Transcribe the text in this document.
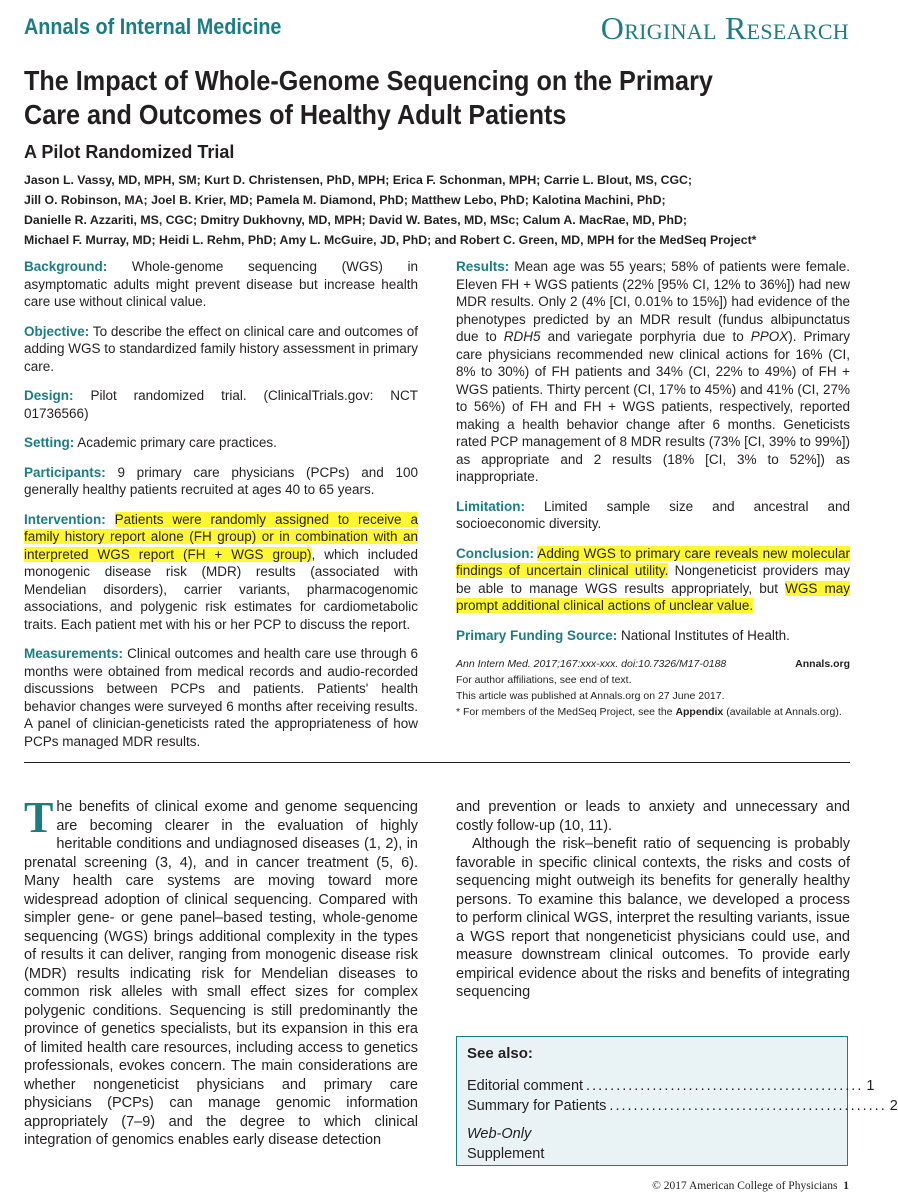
Annals of Internal Medicine	Original Research
The Impact of Whole-Genome Sequencing on the Primary Care and Outcomes of Healthy Adult Patients
A Pilot Randomized Trial
Jason L. Vassy, MD, MPH, SM; Kurt D. Christensen, PhD, MPH; Erica F. Schonman, MPH; Carrie L. Blout, MS, CGC;
Jill O. Robinson, MA; Joel B. Krier, MD; Pamela M. Diamond, PhD; Matthew Lebo, PhD; Kalotina Machini, PhD;
Danielle R. Azzariti, MS, CGC; Dmitry Dukhovny, MD, MPH; David W. Bates, MD, MSc; Calum A. MacRae, MD, PhD;
Michael F. Murray, MD; Heidi L. Rehm, PhD; Amy L. McGuire, JD, PhD; and Robert C. Green, MD, MPH for the MedSeq Project*

Background: Whole-genome sequencing (WGS) in asymptomatic adults might prevent disease but increase health care use without clinical value.

Objective: To describe the effect on clinical care and outcomes of adding WGS to standardized family history assessment in primary care.

Design: Pilot randomized trial. (ClinicalTrials.gov: NCT 01736566)

Setting: Academic primary care practices.

Participants: 9 primary care physicians (PCPs) and 100 generally healthy patients recruited at ages 40 to 65 years.

Intervention: Patients were randomly assigned to receive a family history report alone (FH group) or in combination with an interpreted WGS report (FH + WGS group), which included monogenic disease risk (MDR) results (associated with Mendelian disorders), carrier variants, pharmacogenomic associations, and polygenic risk estimates for cardiometabolic traits. Each patient met with his or her PCP to discuss the report.

Measurements: Clinical outcomes and health care use through 6 months were obtained from medical records and audio-recorded discussions between PCPs and patients. Patients' health behavior changes were surveyed 6 months after receiving results. A panel of clinician-geneticists rated the appropriateness of how PCPs managed MDR results.

Results: Mean age was 55 years; 58% of patients were female. Eleven FH + WGS patients (22% [95% CI, 12% to 36%]) had new MDR results. Only 2 (4% [CI, 0.01% to 15%]) had evidence of the phenotypes predicted by an MDR result (fundus albipunctatus due to RDH5 and variegate porphyria due to PPOX). Primary care physicians recommended new clinical actions for 16% (CI, 8% to 30%) of FH patients and 34% (CI, 22% to 49%) of FH + WGS patients. Thirty percent (CI, 17% to 45%) and 41% (CI, 27% to 56%) of FH and FH + WGS patients, respectively, reported making a health behavior change after 6 months. Geneticists rated PCP management of 8 MDR results (73% [CI, 39% to 99%]) as appropriate and 2 results (18% [CI, 3% to 52%]) as inappropriate.

Limitation: Limited sample size and ancestral and socioeconomic diversity.

Conclusion: Adding WGS to primary care reveals new molecular findings of uncertain clinical utility. Nongeneticist providers may be able to manage WGS results appropriately, but WGS may prompt additional clinical actions of unclear value.

Primary Funding Source: National Institutes of Health.

Ann Intern Med. 2017;167:xxx-xxx. doi:10.7326/M17-0188	Annals.org
For author affiliations, see end of text.
This article was published at Annals.org on 27 June 2017.
* For members of the MedSeq Project, see the Appendix (available at Annals.org).

The benefits of clinical exome and genome sequencing are becoming clearer in the evaluation of highly heritable conditions and undiagnosed diseases (1, 2), in prenatal screening (3, 4), and in cancer treatment (5, 6). Many health care systems are moving toward more widespread adoption of clinical sequencing. Compared with simpler gene- or gene panel–based testing, whole-genome sequencing (WGS) brings additional complexity in the types of results it can deliver, ranging from monogenic disease risk (MDR) results indicating risk for Mendelian diseases to common risk alleles with small effect sizes for complex polygenic conditions. Sequencing is still predominantly the province of genetics specialists, but its expansion in this era of limited health care resources, including access to genetics professionals, evokes concern. The main considerations are whether nongeneticist physicians and primary care physicians (PCPs) can manage genomic information appropriately (7–9) and the degree to which clinical integration of genomics enables early disease detection

and prevention or leads to anxiety and unnecessary and costly follow-up (10, 11).

Although the risk–benefit ratio of sequencing is probably favorable in specific clinical contexts, the risks and costs of sequencing might outweigh its benefits for generally healthy persons. To examine this balance, we developed a process to perform clinical WGS, interpret the resulting variants, issue a WGS report that nongeneticist physicians could use, and measure downstream clinical outcomes. To provide early empirical evidence about the risks and benefits of integrating sequencing

See also:
Editorial comment .............................................. 1
Summary for Patients .............................................. 2
Web-Only
Supplement
© 2017 American College of Physicians 1
